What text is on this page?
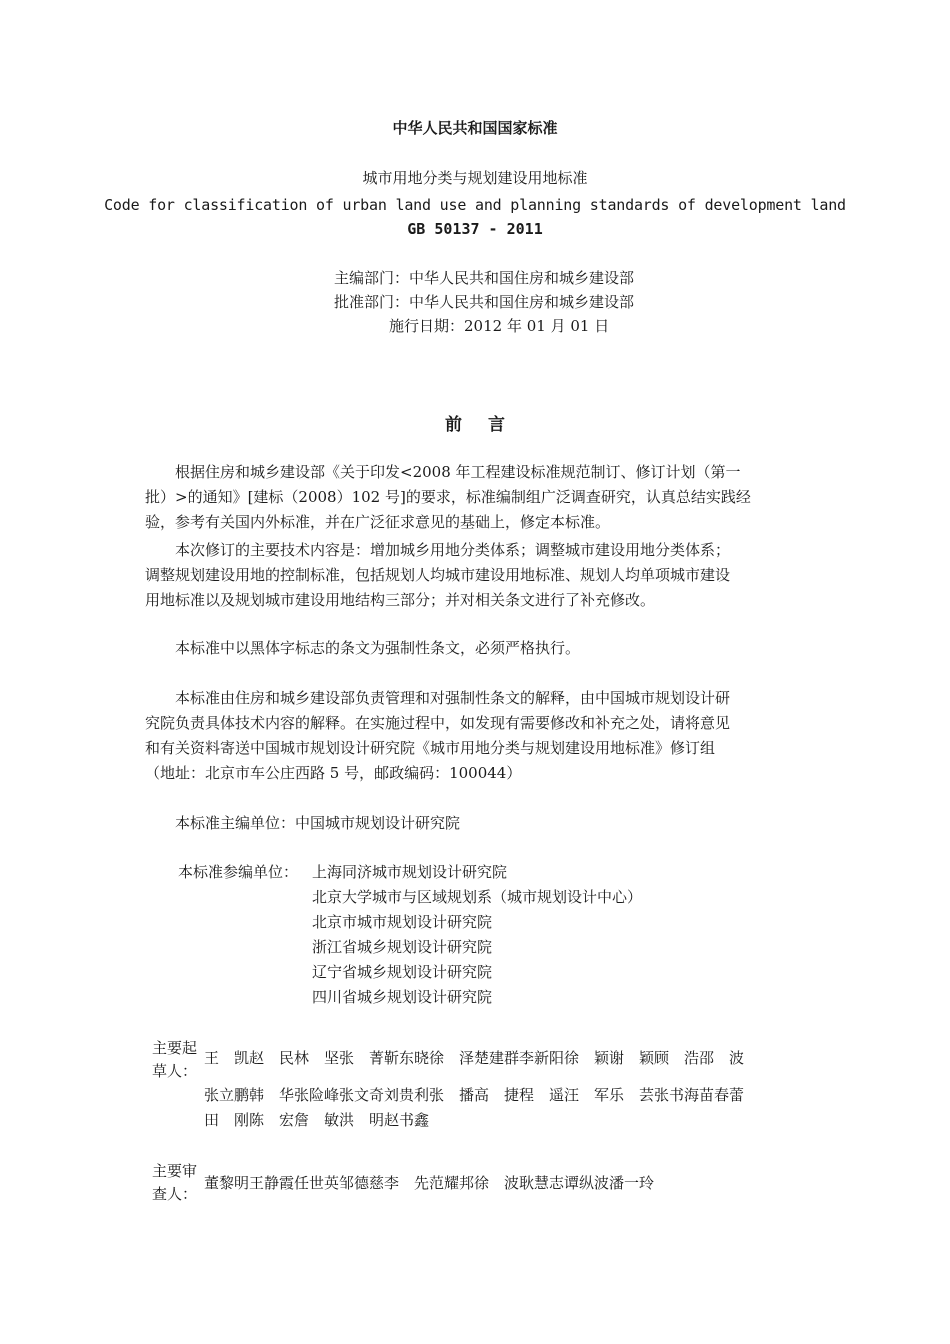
中华人民共和国国家标准
城市用地分类与规划建设用地标准
Code for classification of urban land use and planning standards of development land
GB 50137 - 2011
主编部门：中华人民共和国住房和城乡建设部
批准部门：中华人民共和国住房和城乡建设部
施行日期：2012 年 01 月 01 日
前言
　　根据住房和城乡建设部《关于印发<2008 年工程建设标准规范制订、修订计划（第一
批）>的通知》[建标（2008）102 号]的要求，标准编制组广泛调查研究，认真总结实践经
验，参考有关国内外标准，并在广泛征求意见的基础上，修定本标准。
　　本次修订的主要技术内容是：增加城乡用地分类体系；调整城市建设用地分类体系；
调整规划建设用地的控制标准，包括规划人均城市建设用地标准、规划人均单项城市建设
用地标准以及规划城市建设用地结构三部分；并对相关条文进行了补充修改。
　　本标准中以黑体字标志的条文为强制性条文，必须严格执行。
　　本标准由住房和城乡建设部负责管理和对强制性条文的解释，由中国城市规划设计研
究院负责具体技术内容的解释。在实施过程中，如发现有需要修改和补充之处，请将意见
和有关资料寄送中国城市规划设计研究院《城市用地分类与规划建设用地标准》修订组
（地址：北京市车公庄西路 5 号，邮政编码：100044）
　　本标准主编单位：中国城市规划设计研究院
本标准参编单位： 上海同济城市规划设计研究院
北京大学城市与区域规划系（城市规划设计中心）
北京市城市规划设计研究院
浙江省城乡规划设计研究院
辽宁省城乡规划设计研究院
四川省城乡规划设计研究院
主要起
草人：
王　凯赵　民林　坚张　菁靳东晓徐　泽楚建群李新阳徐　颖谢　颖顾　浩邵　波
张立鹏韩　华张险峰张文奇刘贵利张　播高　捷程　遥汪　军乐　芸张书海苗春蕾
田　刚陈　宏詹　敏洪　明赵书鑫
主要审
查人：
董黎明王静霞任世英邹德慈李　先范耀邦徐　波耿慧志谭纵波潘一玲
